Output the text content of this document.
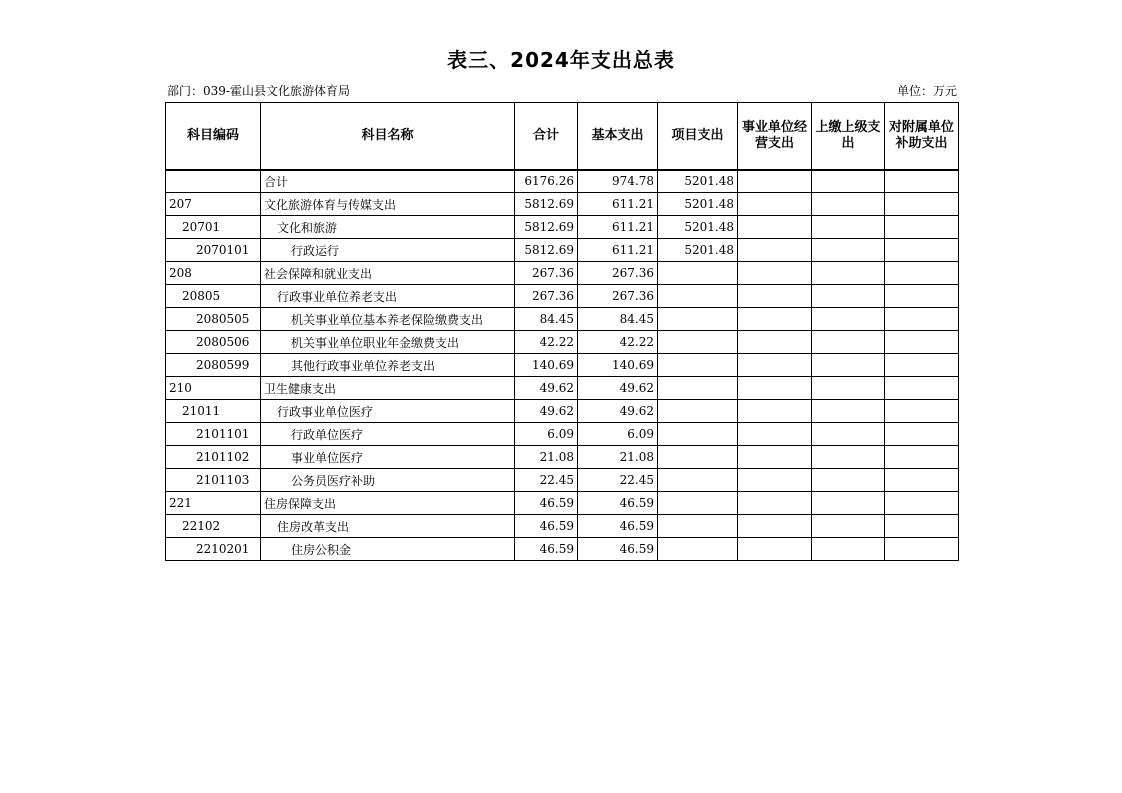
表三、2024年支出总表
部门：039-霍山县文化旅游体育局	单位：万元
科目编码	科目名称	合计	基本支出	项目支出	事业单位经营支出	上缴上级支出	对附属单位补助支出
	合计	6176.26	974.78	5201.48			
207	文化旅游体育与传媒支出	5812.69	611.21	5201.48			
20701	文化和旅游	5812.69	611.21	5201.48			
2070101	行政运行	5812.69	611.21	5201.48			
208	社会保障和就业支出	267.36	267.36				
20805	行政事业单位养老支出	267.36	267.36				
2080505	机关事业单位基本养老保险缴费支出	84.45	84.45				
2080506	机关事业单位职业年金缴费支出	42.22	42.22				
2080599	其他行政事业单位养老支出	140.69	140.69				
210	卫生健康支出	49.62	49.62				
21011	行政事业单位医疗	49.62	49.62				
2101101	行政单位医疗	6.09	6.09				
2101102	事业单位医疗	21.08	21.08				
2101103	公务员医疗补助	22.45	22.45				
221	住房保障支出	46.59	46.59				
22102	住房改革支出	46.59	46.59				
2210201	住房公积金	46.59	46.59				
